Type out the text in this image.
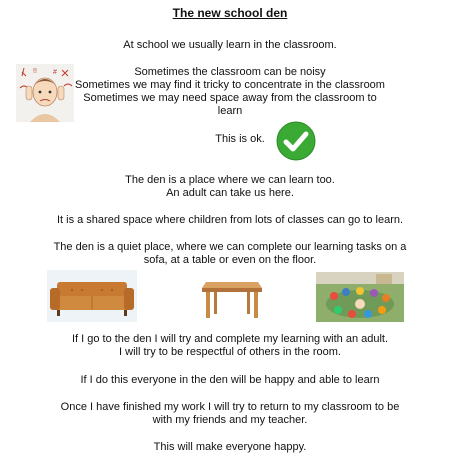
The new school den
At school we usually learn in the classroom.
!! #	Sometimes the classroom can be noisy
Sometimes we may find it tricky to concentrate in the classroom
Sometimes we may need space away from the classroom to
learn
This is ok.
The den is a place where we can learn too.
An adult can take us here.
It is a shared space where children from lots of classes can go to learn.
The den is a quiet place, where we can complete our learning tasks on a
sofa, at a table or even on the floor.
If I go to the den I will try and complete my learning with an adult.
I will try to be respectful of others in the room.
If I do this everyone in the den will be happy and able to learn
Once I have finished my work I will try to return to my classroom to be
with my friends and my teacher.
This will make everyone happy.
